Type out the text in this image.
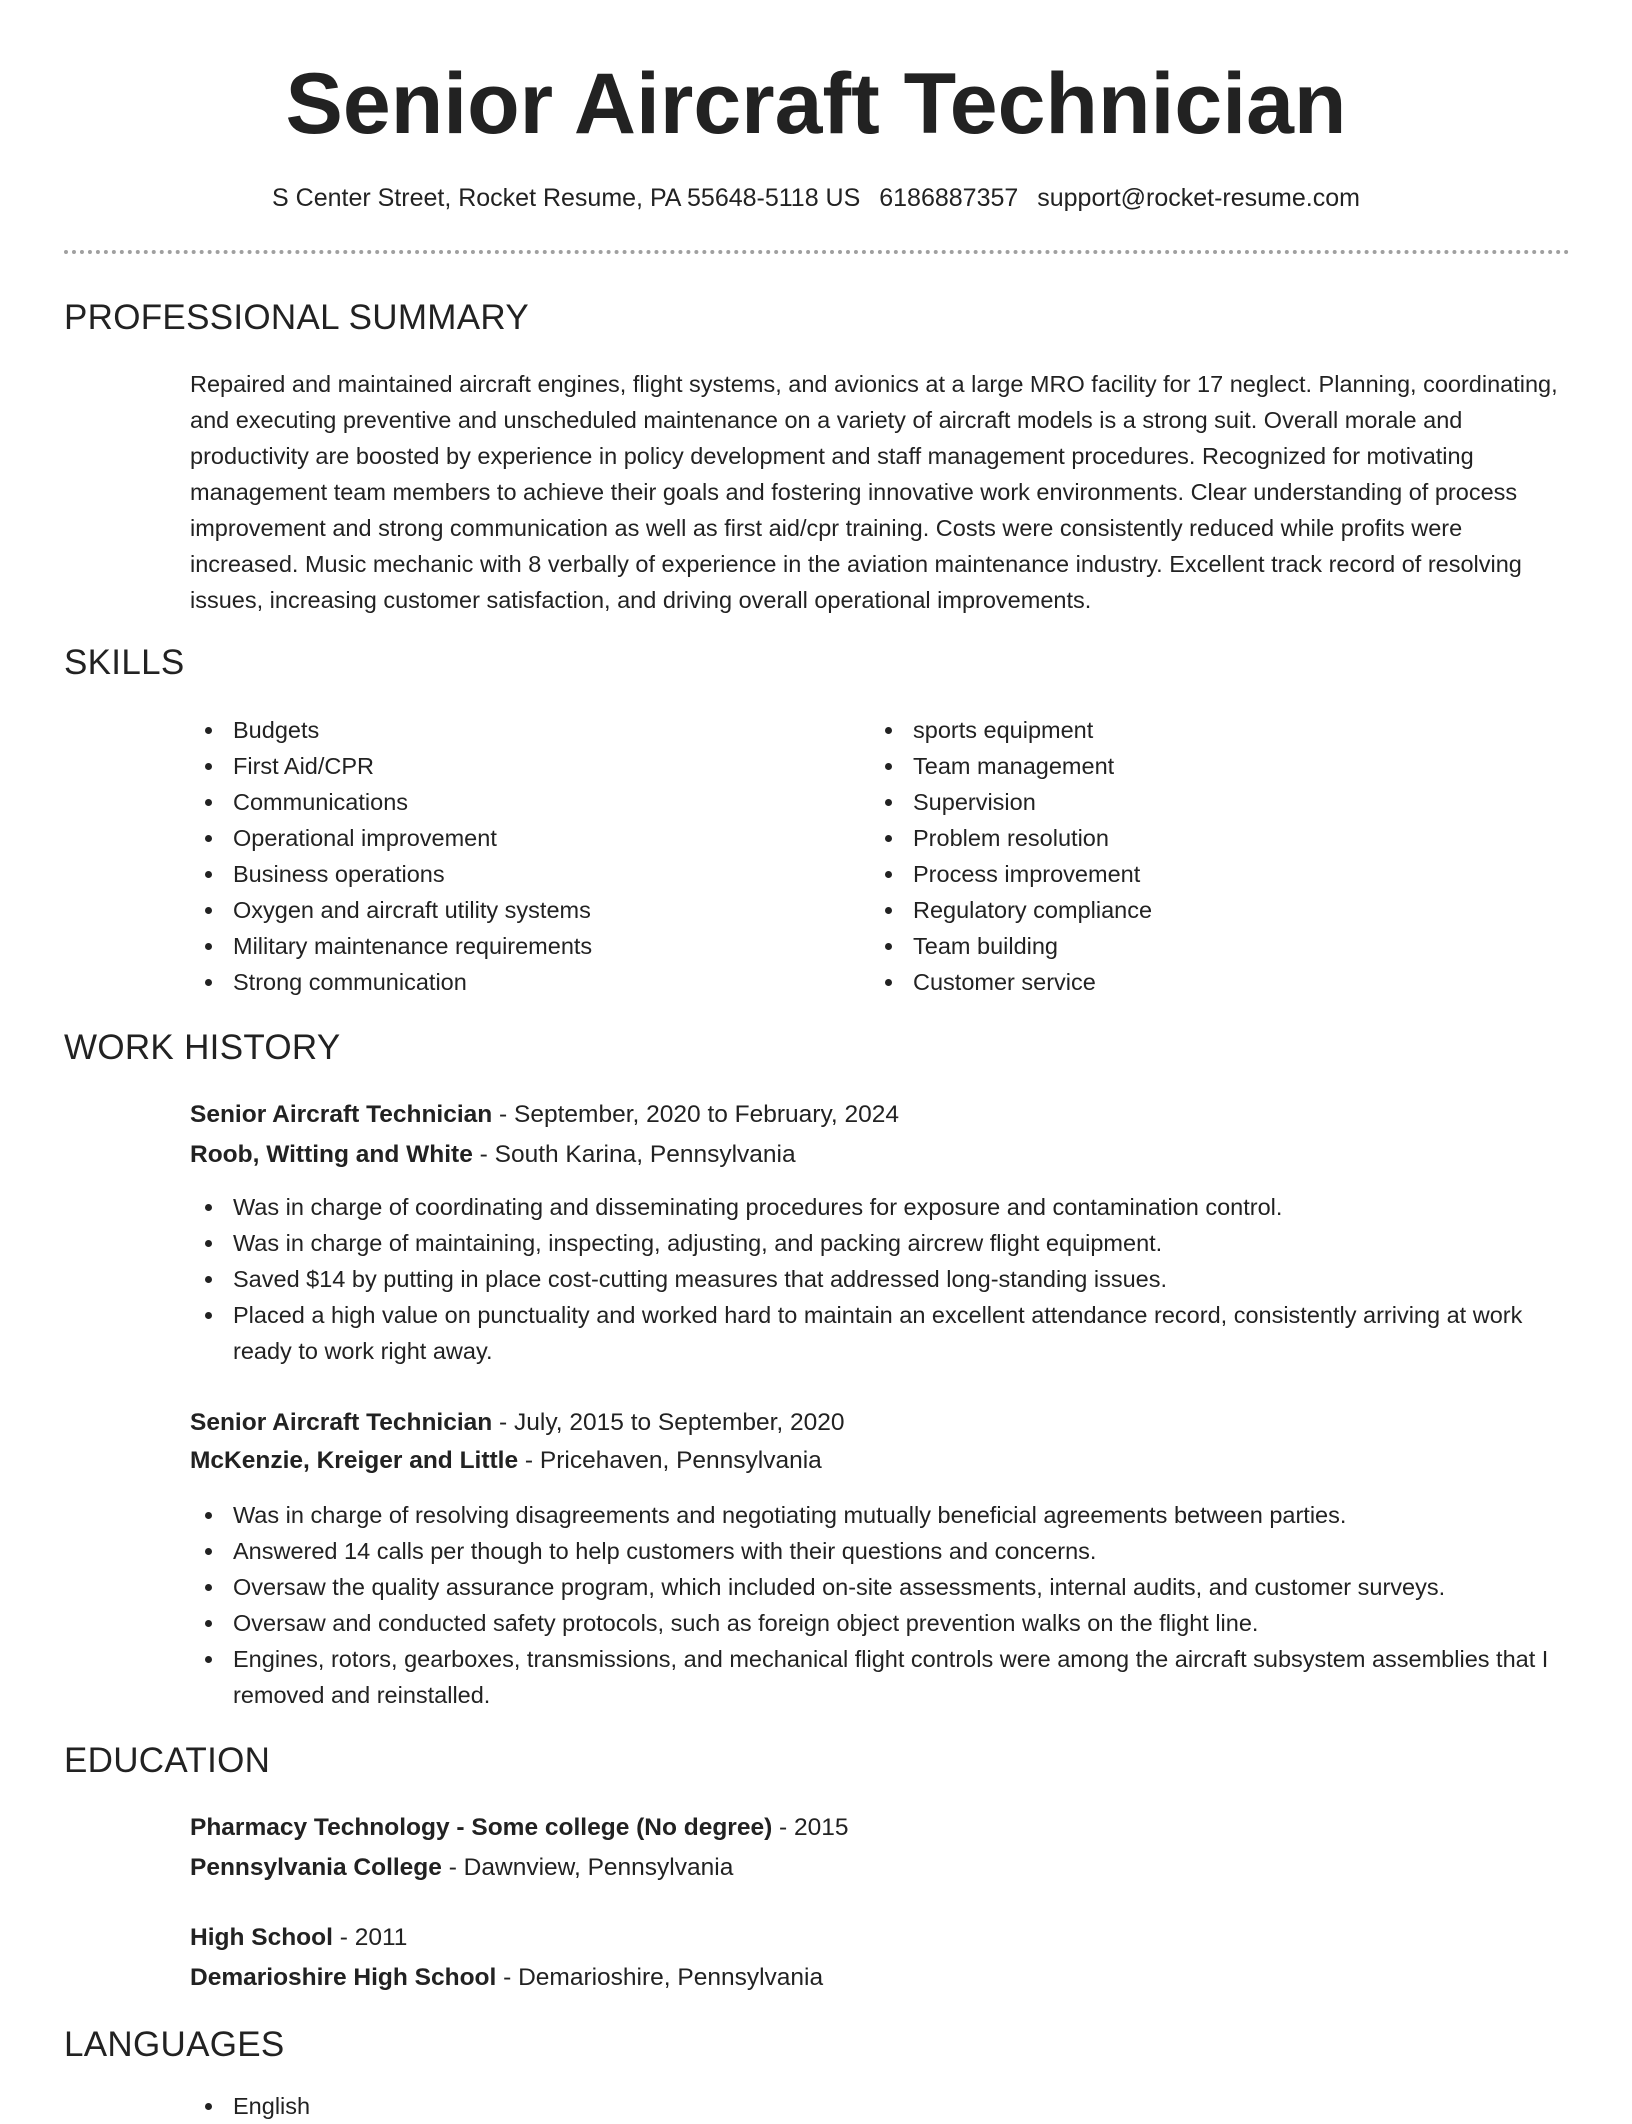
Senior Aircraft Technician
S Center Street, Rocket Resume, PA 55648-5118 US 6186887357 support@rocket-resume.com
PROFESSIONAL SUMMARY

Repaired and maintained aircraft engines, flight systems, and avionics at a large MRO facility for 17 neglect. Planning, coordinating, and executing preventive and unscheduled maintenance on a variety of aircraft models is a strong suit. Overall morale and productivity are boosted by experience in policy development and staff management procedures. Recognized for motivating management team members to achieve their goals and fostering innovative work environments. Clear understanding of process improvement and strong communication as well as first aid/cpr training. Costs were consistently reduced while profits were increased. Music mechanic with 8 verbally of experience in the aviation maintenance industry. Excellent track record of resolving issues, increasing customer satisfaction, and driving overall operational improvements.

SKILLS
Budgets
First Aid/CPR
Communications
Operational improvement
Business operations
Oxygen and aircraft utility systems
Military maintenance requirements
Strong communication
sports equipment
Team management
Supervision
Problem resolution
Process improvement
Regulatory compliance
Team building
Customer service
WORK HISTORY
Senior Aircraft Technician - September, 2020 to February, 2024
Roob, Witting and White - South Karina, Pennsylvania
Was in charge of coordinating and disseminating procedures for exposure and contamination control.
Was in charge of maintaining, inspecting, adjusting, and packing aircrew flight equipment.
Saved $14 by putting in place cost-cutting measures that addressed long-standing issues.
Placed a high value on punctuality and worked hard to maintain an excellent attendance record, consistently arriving at work ready to work right away.
Senior Aircraft Technician - July, 2015 to September, 2020
McKenzie, Kreiger and Little - Pricehaven, Pennsylvania
Was in charge of resolving disagreements and negotiating mutually beneficial agreements between parties.
Answered 14 calls per though to help customers with their questions and concerns.
Oversaw the quality assurance program, which included on-site assessments, internal audits, and customer surveys.
Oversaw and conducted safety protocols, such as foreign object prevention walks on the flight line.
Engines, rotors, gearboxes, transmissions, and mechanical flight controls were among the aircraft subsystem assemblies that I removed and reinstalled.
EDUCATION
Pharmacy Technology - Some college (No degree) - 2015
Pennsylvania College - Dawnview, Pennsylvania
High School - 2011
Demarioshire High School - Demarioshire, Pennsylvania
LANGUAGES
English
